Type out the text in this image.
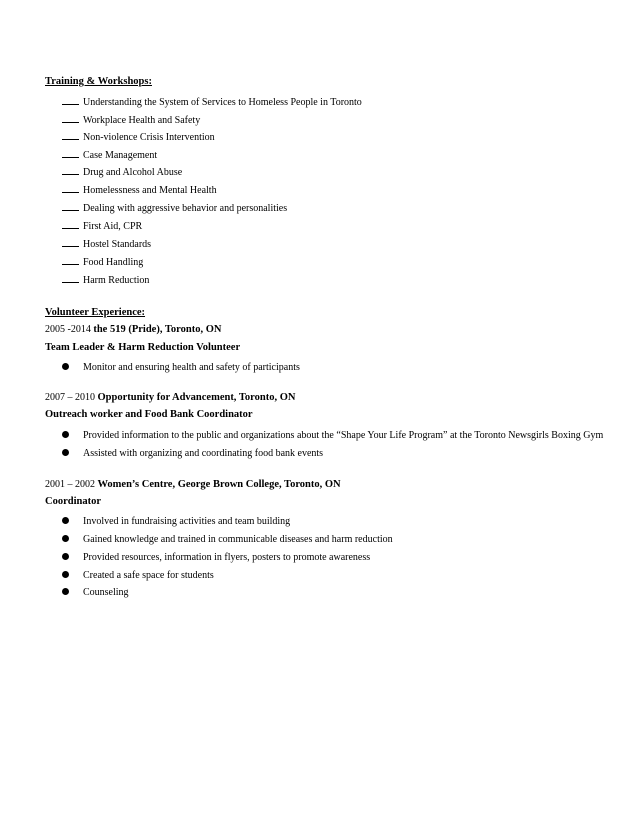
Training & Workshops:
Understanding the System of Services to Homeless People in Toronto
Workplace Health and Safety
Non-violence Crisis Intervention
Case Management
Drug and Alcohol Abuse
Homelessness and Mental Health
Dealing with aggressive behavior and personalities
First Aid, CPR
Hostel Standards
Food Handling
Harm Reduction
Volunteer Experience:
2005 -2014 the 519 (Pride), Toronto, ON
Team Leader & Harm Reduction Volunteer
Monitor and ensuring health and safety of participants
2007 – 2010 Opportunity for Advancement, Toronto, ON
Outreach worker and Food Bank Coordinator
Provided information to the public and organizations about the “Shape Your Life Program” at the Toronto Newsgirls Boxing Gym
Assisted with organizing and coordinating food bank events
2001 – 2002 Women’s Centre, George Brown College, Toronto, ON
Coordinator
Involved in fundraising activities and team building
Gained knowledge and trained in communicable diseases and harm reduction
Provided resources, information in flyers, posters to promote awareness
Created a safe space for students
Counseling
